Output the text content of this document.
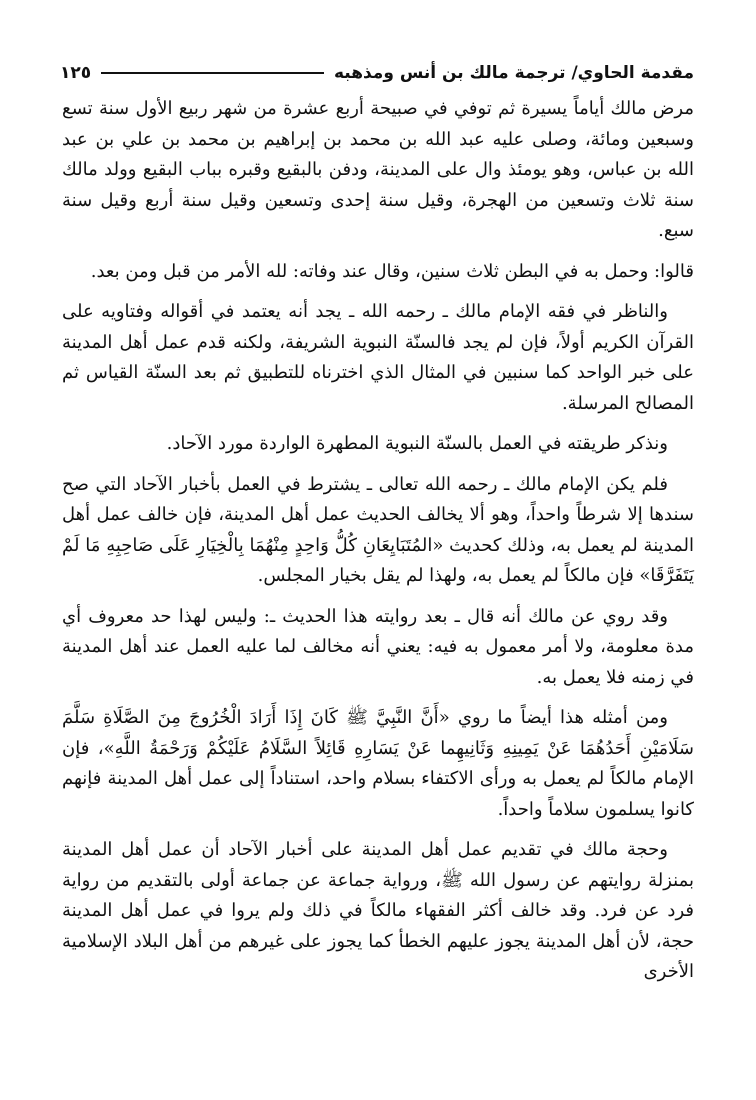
مقدمة الحاوي/ ترجمة مالك بن أنس ومذهبه
١٢٥

مرض مالك أياماً يسيرة ثم توفي في صبيحة أربع عشرة من شهر ربيع الأول سنة تسع وسبعين ومائة، وصلى عليه عبد الله بن محمد بن إبراهيم بن محمد بن علي بن عبد الله بن عباس، وهو يومئذ وال على المدينة، ودفن بالبقيع وقبره بباب البقيع وولد مالك سنة ثلاث وتسعين من الهجرة، وقيل سنة إحدى وتسعين وقيل سنة أربع وقيل سنة سبع.

قالوا: وحمل به في البطن ثلاث سنين، وقال عند وفاته: لله الأمر من قبل ومن بعد.

والناظر في فقه الإمام مالك ـ رحمه الله ـ يجد أنه يعتمد في أقواله وفتاويه على القرآن الكريم أولاً، فإن لم يجد فالسنّة النبوية الشريفة، ولكنه قدم عمل أهل المدينة على خبر الواحد كما سنبين في المثال الذي اخترناه للتطبيق ثم بعد السنّة القياس ثم المصالح المرسلة.

ونذكر طريقته في العمل بالسنّة النبوية المطهرة الواردة مورد الآحاد.

فلم يكن الإمام مالك ـ رحمه الله تعالى ـ يشترط في العمل بأخبار الآحاد التي صح سندها إلا شرطاً واحداً، وهو ألا يخالف الحديث عمل أهل المدينة، فإن خالف عمل أهل المدينة لم يعمل به، وذلك كحديث «المُتَبَايِعَانِ كُلُّ وَاحِدٍ مِنْهُمَا بِالْخِيَارِ عَلَى صَاحِبِهِ مَا لَمْ يَتَفَرَّقَا» فإن مالكاً لم يعمل به، ولهذا لم يقل بخيار المجلس.

وقد روي عن مالك أنه قال ـ بعد روايته هذا الحديث ـ: وليس لهذا حد معروف أي مدة معلومة، ولا أمر معمول به فيه: يعني أنه مخالف لما عليه العمل عند أهل المدينة في زمنه فلا يعمل به.

ومن أمثله هذا أيضاً ما روي «أَنَّ النَّبِيَّ ﷺ كَانَ إِذَا أَرَادَ الْخُرُوجَ مِنَ الصَّلَاةِ سَلَّمَ سَلَامَيْنِ أَحَدُهُمَا عَنْ يَمِينِهِ وَثَانِيهِما عَنْ يَسَارِهِ قَائِلاً السَّلَامُ عَلَيْكُمْ وَرَحْمَةُ اللَّهِ»، فإن الإمام مالكاً لم يعمل به ورأى الاكتفاء بسلام واحد، استناداً إلى عمل أهل المدينة فإنهم كانوا يسلمون سلاماً واحداً.

وحجة مالك في تقديم عمل أهل المدينة على أخبار الآحاد أن عمل أهل المدينة بمنزلة روايتهم عن رسول الله ﷺ، ورواية جماعة عن جماعة أولى بالتقديم من رواية فرد عن فرد. وقد خالف أكثر الفقهاء مالكاً في ذلك ولم يروا في عمل أهل المدينة حجة، لأن أهل المدينة يجوز عليهم الخطأ كما يجوز على غيرهم من أهل البلاد الإسلامية الأخرى
